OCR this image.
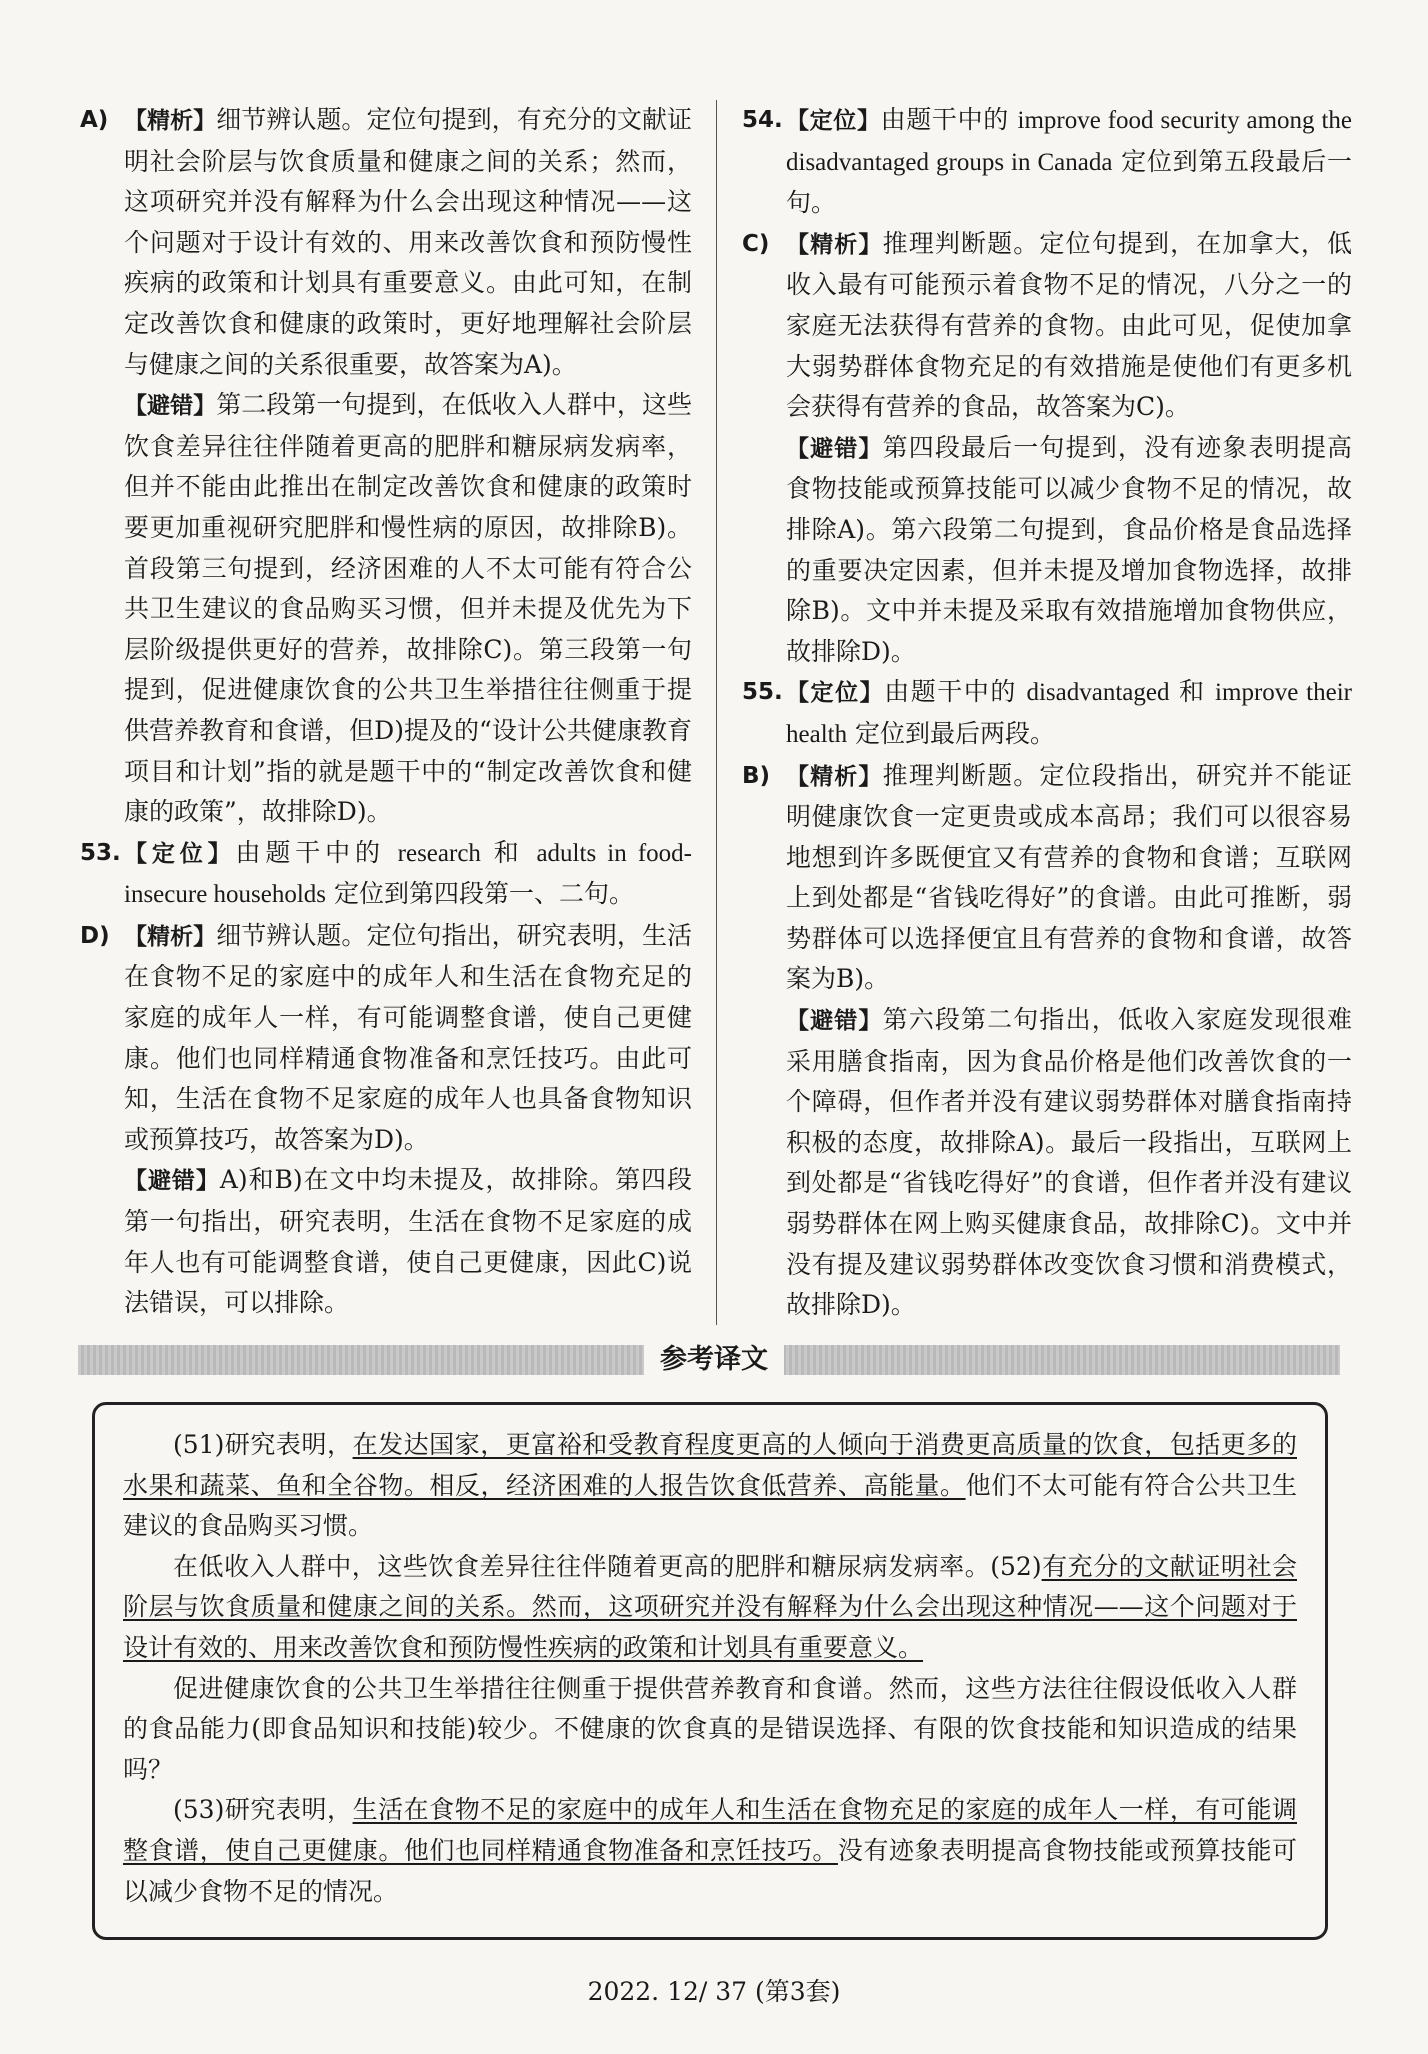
A) 【精析】细节辨认题。定位句提到，有充分的文献证明社会阶层与饮食质量和健康之间的关系；然而，这项研究并没有解释为什么会出现这种情况——这个问题对于设计有效的、用来改善饮食和预防慢性疾病的政策和计划具有重要意义。由此可知，在制定改善饮食和健康的政策时，更好地理解社会阶层与健康之间的关系很重要，故答案为A)。

【避错】第二段第一句提到，在低收入人群中，这些饮食差异往往伴随着更高的肥胖和糖尿病发病率，但并不能由此推出在制定改善饮食和健康的政策时要更加重视研究肥胖和慢性病的原因，故排除B)。首段第三句提到，经济困难的人不太可能有符合公共卫生建议的食品购买习惯，但并未提及优先为下层阶级提供更好的营养，故排除C)。第三段第一句提到，促进健康饮食的公共卫生举措往往侧重于提供营养教育和食谱，但D)提及的“设计公共健康教育项目和计划”指的就是题干中的“制定改善饮食和健康的政策”，故排除D)。

53. 【定位】由题干中的 research 和 adults in food-insecure households 定位到第四段第一、二句。

D) 【精析】细节辨认题。定位句指出，研究表明，生活在食物不足的家庭中的成年人和生活在食物充足的家庭的成年人一样，有可能调整食谱，使自己更健康。他们也同样精通食物准备和烹饪技巧。由此可知，生活在食物不足家庭的成年人也具备食物知识或预算技巧，故答案为D)。

【避错】A)和B)在文中均未提及，故排除。第四段第一句指出，研究表明，生活在食物不足家庭的成年人也有可能调整食谱，使自己更健康，因此C)说法错误，可以排除。

54. 【定位】由题干中的 improve food security among the disadvantaged groups in Canada 定位到第五段最后一句。

C) 【精析】推理判断题。定位句提到，在加拿大，低收入最有可能预示着食物不足的情况，八分之一的家庭无法获得有营养的食物。由此可见，促使加拿大弱势群体食物充足的有效措施是使他们有更多机会获得有营养的食品，故答案为C)。

【避错】第四段最后一句提到，没有迹象表明提高食物技能或预算技能可以减少食物不足的情况，故排除A)。第六段第二句提到，食品价格是食品选择的重要决定因素，但并未提及增加食物选择，故排除B)。文中并未提及采取有效措施增加食物供应，故排除D)。

55. 【定位】由题干中的 disadvantaged 和 improve their health 定位到最后两段。

B) 【精析】推理判断题。定位段指出，研究并不能证明健康饮食一定更贵或成本高昂；我们可以很容易地想到许多既便宜又有营养的食物和食谱；互联网上到处都是“省钱吃得好”的食谱。由此可推断，弱势群体可以选择便宜且有营养的食物和食谱，故答案为B)。

【避错】第六段第二句指出，低收入家庭发现很难采用膳食指南，因为食品价格是他们改善饮食的一个障碍，但作者并没有建议弱势群体对膳食指南持积极的态度，故排除A)。最后一段指出，互联网上到处都是“省钱吃得好”的食谱，但作者并没有建议弱势群体在网上购买健康食品，故排除C)。文中并没有提及建议弱势群体改变饮食习惯和消费模式，故排除D)。

参考译文

(51)研究表明，在发达国家，更富裕和受教育程度更高的人倾向于消费更高质量的饮食，包括更多的水果和蔬菜、鱼和全谷物。相反，经济困难的人报告饮食低营养、高能量。他们不太可能有符合公共卫生建议的食品购买习惯。

在低收入人群中，这些饮食差异往往伴随着更高的肥胖和糖尿病发病率。(52)有充分的文献证明社会阶层与饮食质量和健康之间的关系。然而，这项研究并没有解释为什么会出现这种情况——这个问题对于设计有效的、用来改善饮食和预防慢性疾病的政策和计划具有重要意义。

促进健康饮食的公共卫生举措往往侧重于提供营养教育和食谱。然而，这些方法往往假设低收入人群的食品能力(即食品知识和技能)较少。不健康的饮食真的是错误选择、有限的饮食技能和知识造成的结果吗？

(53)研究表明，生活在食物不足的家庭中的成年人和生活在食物充足的家庭的成年人一样，有可能调整食谱，使自己更健康。他们也同样精通食物准备和烹饪技巧。没有迹象表明提高食物技能或预算技能可以减少食物不足的情况。

2022. 12/ 37 (第3套)
